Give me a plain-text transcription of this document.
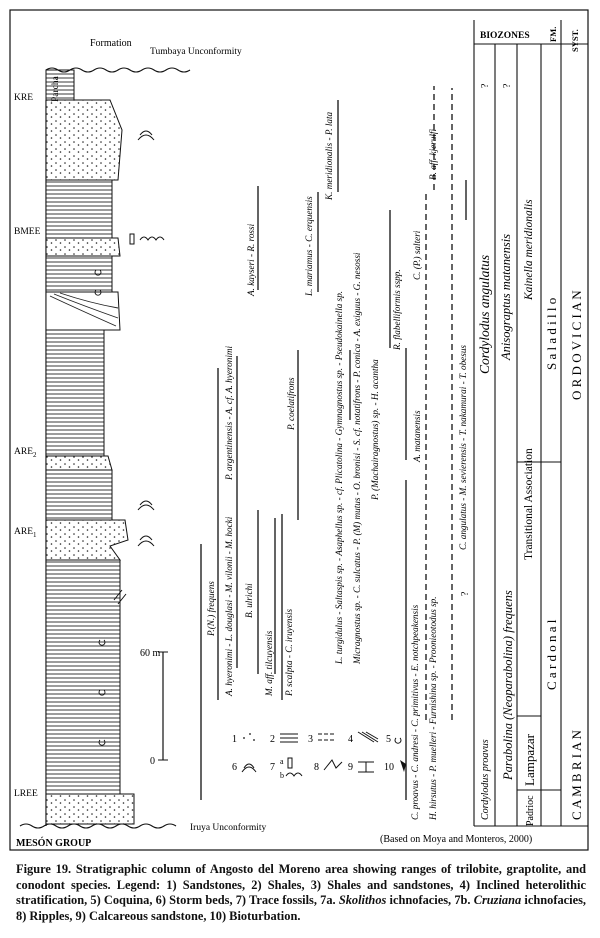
60 m
0
Formation
Parcha
Tumbaya Unconformity
Iruya Unconformity
MESÓN GROUP
KRE
BMEE
$ARE_2$
$ARE_1$
LREE
P.(N.) frequens A. hyeronimi - L. douglasi - M. vilonii - M. hocki B. ulrichi
P. argentinensis - A. cf. A. hyeronimi
M. aff. tilcuyensis P. scalpta - C. iruyensis
P. coelatifrons
L. mariamus - C. erquensis
A. kayseri - R. rossi
K. meridionalis - P. lata
L. turgidulus - Saltaspis sp. - Asaphellus sp. - cf. Plicatolina - Gymnagnostus sp. - Pseudokainella sp. Micragnostus sp. - C. sulcatus - P. (M) mutus - O. bronisi - S. cf. notatifrons - P. conica - A. exiguus - G. nesossi P. (Machairagnostus) sp. - H. acantha
R. flabelliformis sspp.
A. matanensis
C. (P.) salteri
B. aff. kjerulfi
C. proavus - C. andresi - C. primitivus - E. notchpeakensis H. hirsutus - P. muelleri - Furnishina sp. - Proonieotodus sp.
C. angulatus - M. sevierensis - T. nakamurai - T. obesus
1	2	3	4	5
6	7
a
b
8	9	10
(Based on Moya and Monteros, 2000)
BIOZONES FM. SYST.
Cordylodus angulatus
Cordylodus proavus
? ?
?
Anisograptus matanensis
Parabolina (Neoparabolina) frequens
Kainella meridionalis
Transitional Association
Padrioc
Lampazar
C a r d o n a l
S a l a d i l l o
C A M B R I A N
O R D O V I C I A N
Figure 19. Stratigraphic column of Angosto del Moreno area showing ranges of trilobite, graptolite, and conodont species. Legend: 1) Sandstones, 2) Shales, 3) Shales and sandstones, 4) Inclined heterolithic stratification, 5) Coquina, 6) Storm beds, 7) Trace fossils, 7a. Skolithos ichnofacies, 7b. Cruziana ichnofacies, 8) Ripples, 9) Calcareous sandstone, 10) Bioturbation.
